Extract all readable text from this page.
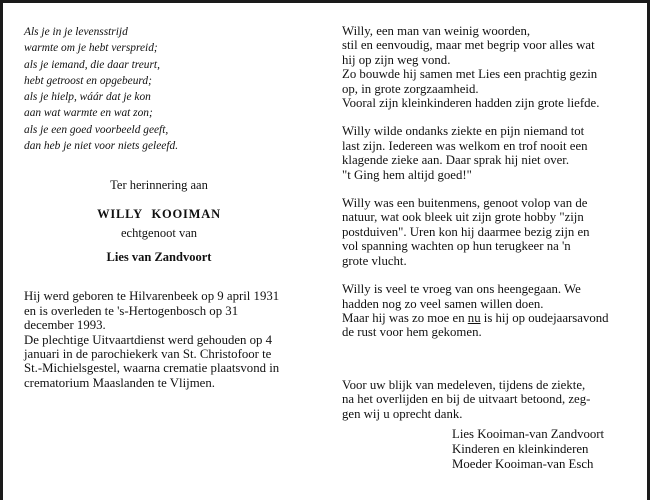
Als je in je levensstrijd
warmte om je hebt verspreid;
als je iemand, die daar treurt,
hebt getroost en opgebeurd;
als je hielp, wáár dat je kon
aan wat warmte en wat zon;
als je een goed voorbeeld geeft,
dan heb je niet voor niets geleefd.
Ter herinnering aan
WILLY KOOIMAN
echtgenoot van
Lies van Zandvoort
Hij werd geboren te Hilvarenbeek op 9 april 1931
en is overleden te 's-Hertogenbosch op 31
december 1993.
De plechtige Uitvaartdienst werd gehouden op 4
januari in de parochiekerk van St. Christofoor te
St.-Michielsgestel, waarna crematie plaatsvond in
crematorium Maaslanden te Vlijmen.
Willy, een man van weinig woorden,
stil en eenvoudig, maar met begrip voor alles wat
hij op zijn weg vond.
Zo bouwde hij samen met Lies een prachtig gezin
op, in grote zorgzaamheid.
Vooral zijn kleinkinderen hadden zijn grote liefde.
Willy wilde ondanks ziekte en pijn niemand tot
last zijn. Iedereen was welkom en trof nooit een
klagende zieke aan. Daar sprak hij niet over.
"t Ging hem altijd goed!"
Willy was een buitenmens, genoot volop van de
natuur, wat ook bleek uit zijn grote hobby "zijn
postduiven". Uren kon hij daarmee bezig zijn en
vol spanning wachten op hun terugkeer na 'n
grote vlucht.
Willy is veel te vroeg van ons heengegaan. We
hadden nog zo veel samen willen doen.
Maar hij was zo moe en nu is hij op oudejaarsavond
de rust voor hem gekomen.
Voor uw blijk van medeleven, tijdens de ziekte,
na het overlijden en bij de uitvaart betoond, zeg-
gen wij u oprecht dank.
Lies Kooiman-van Zandvoort
Kinderen en kleinkinderen
Moeder Kooiman-van Esch
